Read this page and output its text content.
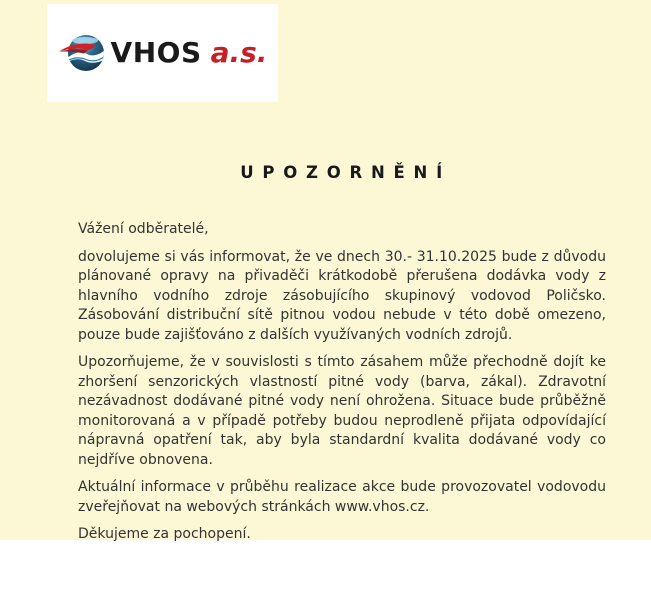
VHOS a.s.
U P O Z O R N Ě N Í

Vážení odběratelé,

dovolujeme si vás informovat, že ve dnech 30.- 31.10.2025 bude z důvodu plánované opravy na přivaděči krátkodobě přerušena dodávka vody z hlavního vodního zdroje zásobujícího skupinový vodovod Poličsko. Zásobování distribuční sítě pitnou vodou nebude v této době omezeno, pouze bude zajišťováno z dalších využívaných vodních zdrojů.

Upozorňujeme, že v souvislosti s tímto zásahem může přechodně dojít ke zhoršení senzorických vlastností pitné vody (barva, zákal). Zdravotní nezávadnost dodávané pitné vody není ohrožena. Situace bude průběžně monitorovaná a v případě potřeby budou neprodleně přijata odpovídající nápravná opatření tak, aby byla standardní kvalita dodávané vody co nejdříve obnovena.

Aktuální informace v průběhu realizace akce bude provozovatel vodovodu zveřejňovat na webových stránkách www.vhos.cz.

Děkujeme za pochopení.
